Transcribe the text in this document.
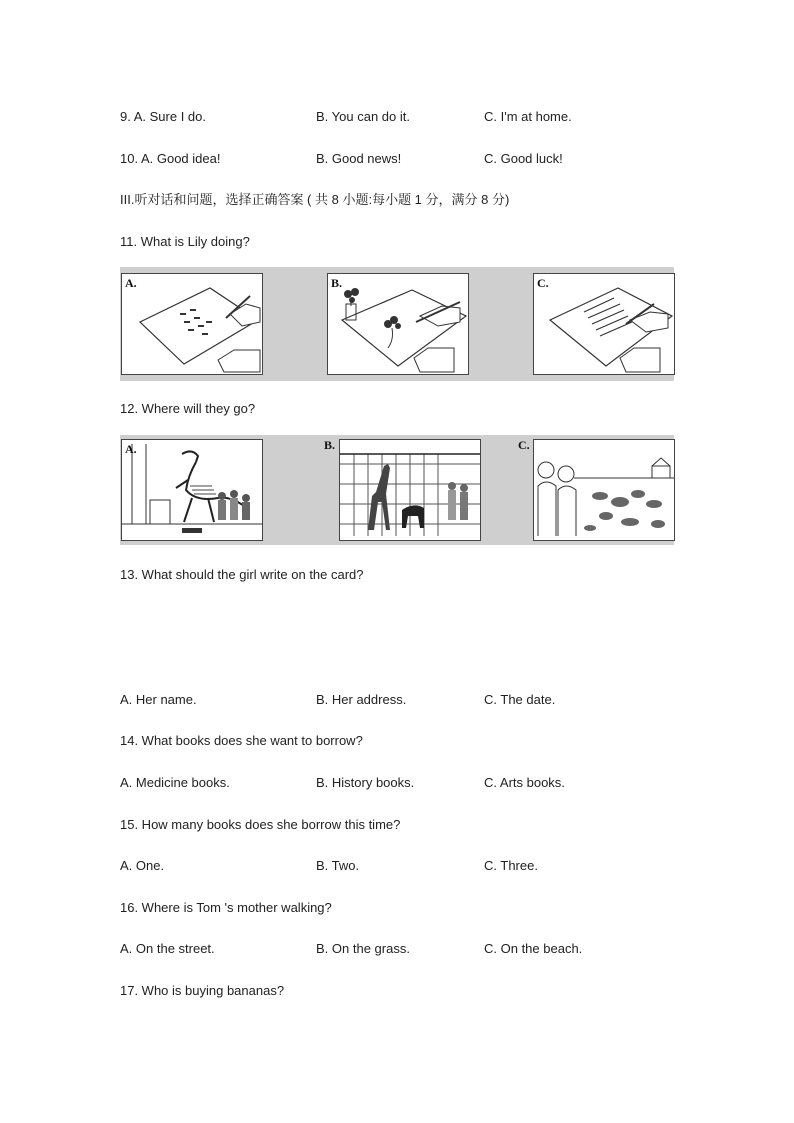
9. A. Sure I do.	B. You can do it.	C. I'm at home.
10. A. Good idea!	B. Good news!	C. Good luck!
III.听对话和问题，选择正确答案 ( 共 8 小题:每小题 1 分，满分 8 分)
11. What is Lily doing?
A.	B.	C.
12. Where will they go?
A.	B.	C.
13. What should the girl write on the card?
A. Her name.	B. Her address.	C. The date.
14. What books does she want to borrow?
A. Medicine books.	B. History books.	C. Arts books.
15. How many books does she borrow this time?
A. One.	B. Two.	C. Three.
16. Where is Tom 's mother walking?
A. On the street.	B. On the grass.	C. On the beach.
17. Who is buying bananas?
